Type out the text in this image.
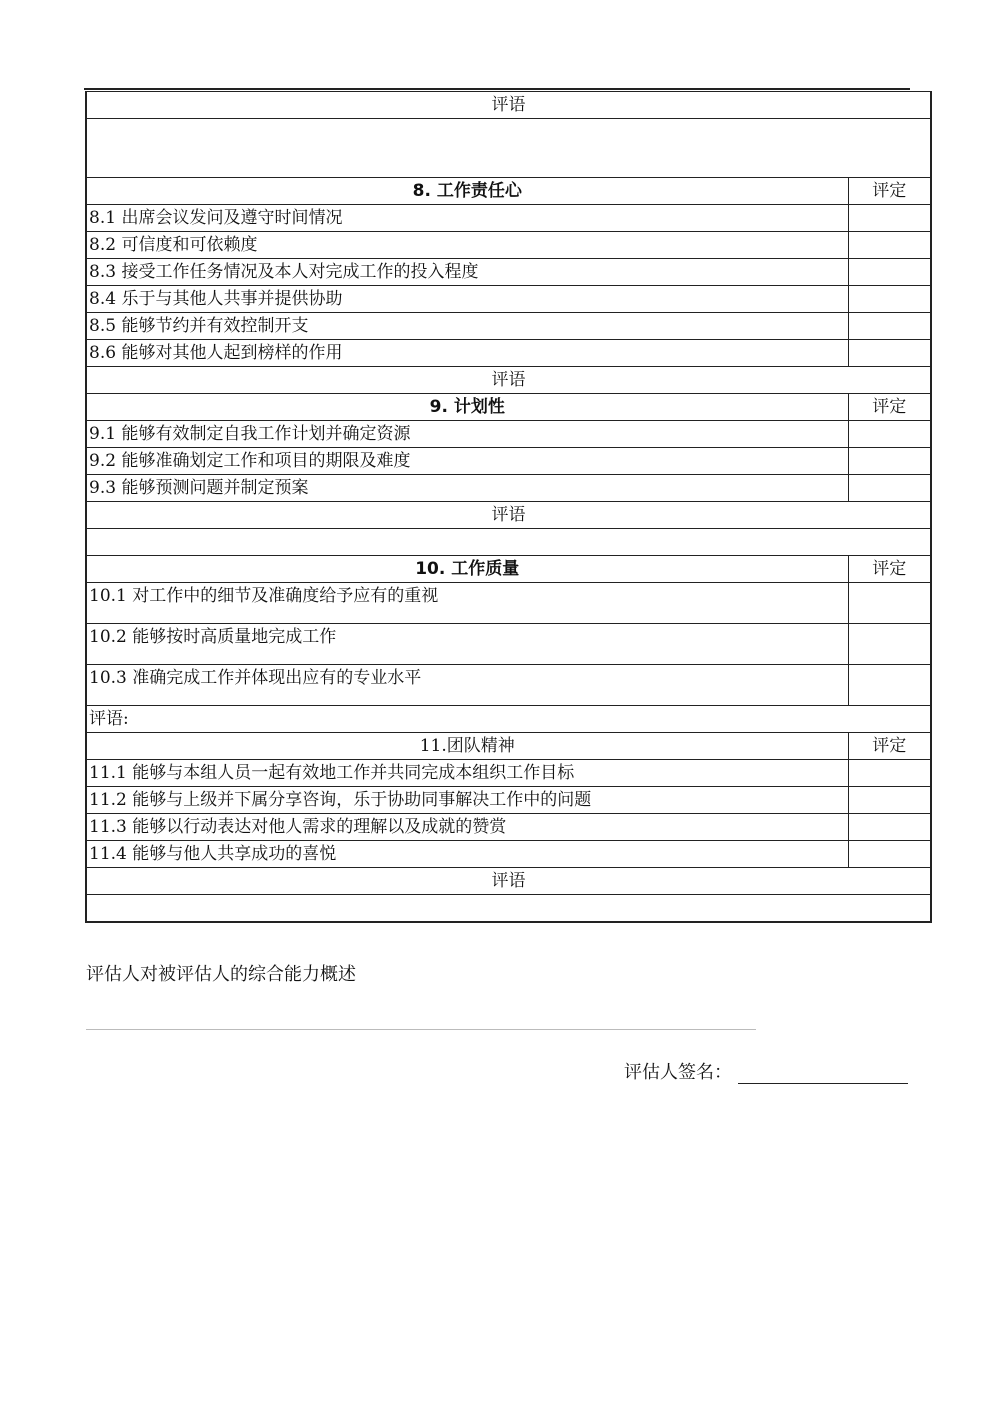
评语	

8. 工作责任心	评定
8.1 出席会议发问及遵守时间情况	
8.2 可信度和可依赖度	
8.3 接受工作任务情况及本人对完成工作的投入程度	
8.4 乐于与其他人共事并提供协助	
8.5 能够节约并有效控制开支	
8.6 能够对其他人起到榜样的作用	
评语	
9. 计划性	评定
9.1 能够有效制定自我工作计划并确定资源	
9.2 能够准确划定工作和项目的期限及难度	
9.3 能够预测问题并制定预案	
评语	

10. 工作质量	评定
10.1 对工作中的细节及准确度给予应有的重视	
10.2 能够按时高质量地完成工作	
10.3 准确完成工作并体现出应有的专业水平	
评语:	
11.团队精神	评定
11.1 能够与本组人员一起有效地工作并共同完成本组织工作目标	
11.2 能够与上级并下属分享咨询，乐于协助同事解决工作中的问题	
11.3 能够以行动表达对他人需求的理解以及成就的赞赏	
11.4 能够与他人共享成功的喜悦	
评语	

评估人对被评估人的综合能力概述
评估人签名：
